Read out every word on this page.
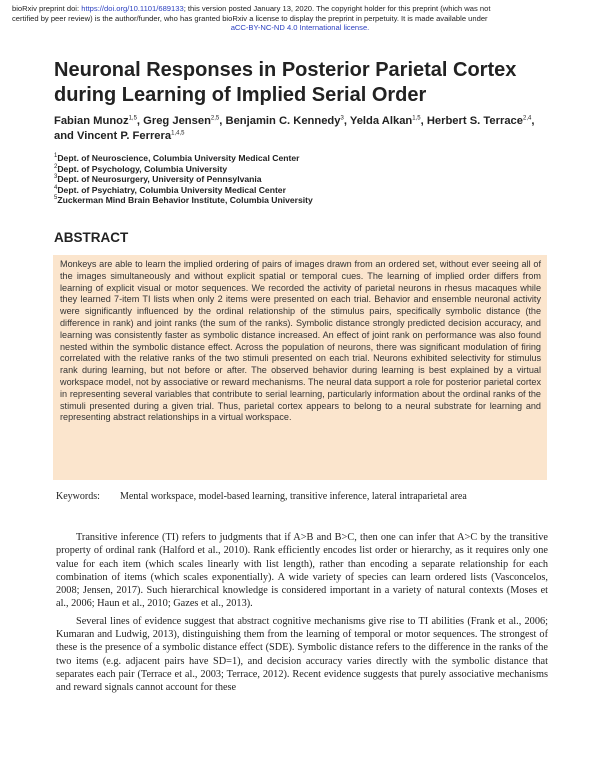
bioRxiv preprint doi: https://doi.org/10.1101/689133; this version posted January 13, 2020. The copyright holder for this preprint (which was not
certified by peer review) is the author/funder, who has granted bioRxiv a license to display the preprint in perpetuity. It is made available under
aCC-BY-NC-ND 4.0 International license.
Neuronal Responses in Posterior Parietal Cortex during Learning of Implied Serial Order
Fabian Munoz$^{1,5}$, Greg Jensen$^{2,5}$, Benjamin C. Kennedy$^3$, Yelda Alkan$^{1,5}$, Herbert S. Terrace$^{2,4}$, and Vincent P. Ferrera$^{1,4,5}$
$^1$Dept. of Neuroscience, Columbia University Medical Center
$^2$Dept. of Psychology, Columbia University
$^3$Dept. of Neurosurgery, University of Pennsylvania
$^4$Dept. of Psychiatry, Columbia University Medical Center
$^5$Zuckerman Mind Brain Behavior Institute, Columbia University
ABSTRACT
Monkeys are able to learn the implied ordering of pairs of images drawn from an ordered set, without ever seeing all of the images simultaneously and without explicit spatial or temporal cues. The learning of implied order differs from learning of explicit visual or motor sequences. We recorded the activity of parietal neurons in rhesus macaques while they learned 7-item TI lists when only 2 items were presented on each trial. Behavior and ensemble neuronal activity were significantly influenced by the ordinal relationship of the stimulus pairs, specifically symbolic distance (the difference in rank) and joint ranks (the sum of the ranks). Symbolic distance strongly predicted decision accuracy, and learning was consistently faster as symbolic distance increased. An effect of joint rank on performance was also found nested within the symbolic distance effect. Across the population of neurons, there was significant modulation of firing correlated with the relative ranks of the two stimuli presented on each trial. Neurons exhibited selectivity for stimulus rank during learning, but not before or after. The observed behavior during learning is best explained by a virtual workspace model, not by associative or reward mechanisms. The neural data support a role for posterior parietal cortex in representing several variables that contribute to serial learning, particularly information about the ordinal ranks of the stimuli presented during a given trial. Thus, parietal cortex appears to belong to a neural substrate for learning and representing abstract relationships in a virtual workspace.
Keywords: Mental workspace, model-based learning, transitive inference, lateral intraparietal area

Transitive inference (TI) refers to judgments that if A>B and B>C, then one can infer that A>C by the transitive property of ordinal rank (Halford et al., 2010). Rank efficiently encodes list order or hierarchy, as it requires only one value for each item (which scales linearly with list length), rather than encoding a separate relationship for each combination of items (which scales exponentially). A wide variety of species can learn ordered lists (Vasconcelos, 2008; Jensen, 2017). Such hierarchical knowledge is considered important in a variety of natural contexts (Moses et al., 2006; Haun et al., 2010; Gazes et al., 2013).

Several lines of evidence suggest that abstract cognitive mechanisms give rise to TI abilities (Frank et al., 2006; Kumaran and Ludwig, 2013), distinguishing them from the learning of temporal or motor sequences. The strongest of these is the presence of a symbolic distance effect (SDE). Symbolic distance refers to the difference in the ranks of the two items (e.g. adjacent pairs have SD=1), and decision accuracy varies directly with the symbolic distance that separates each pair (Terrace et al., 2003; Terrace, 2012). Recent evidence suggests that purely associative mechanisms and reward signals cannot account for these
